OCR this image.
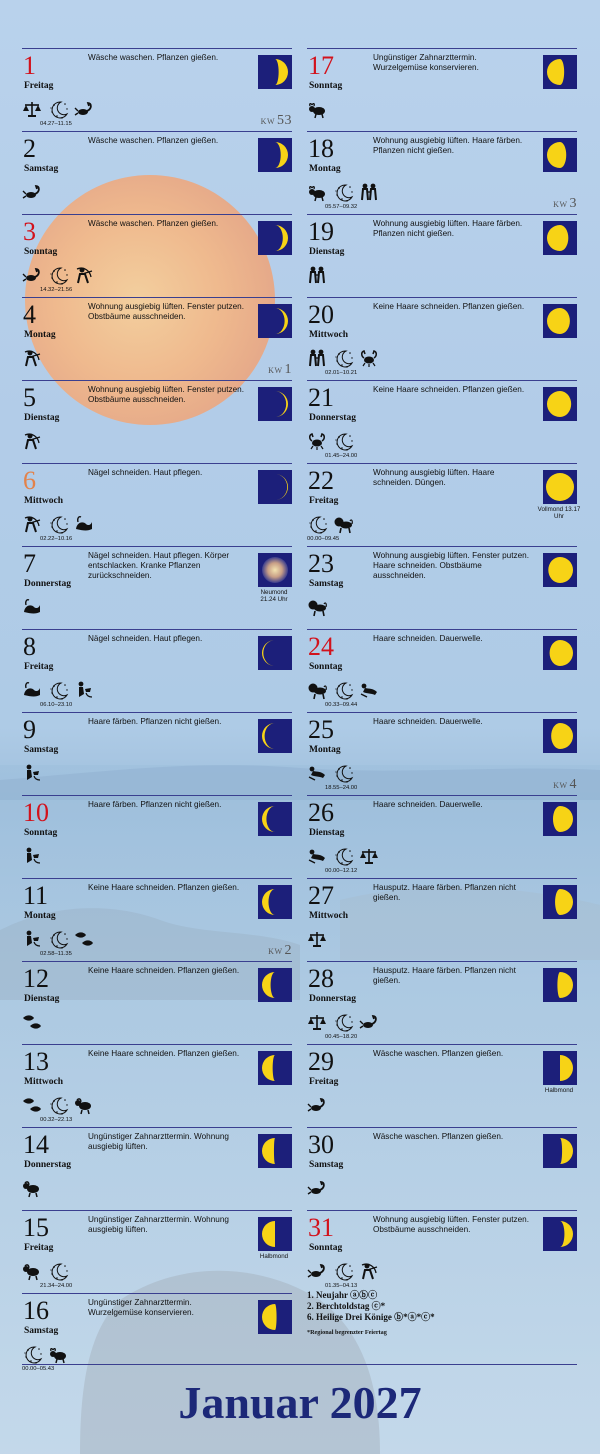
1
Freitag
Wäsche waschen. Pflanzen gießen.
04.27–11.15	KW 53
2
Samstag
Wäsche waschen. Pflanzen gießen.
3
Sonntag
Wäsche waschen. Pflanzen gießen.
14.32–21.56
4
Montag
Wohnung ausgiebig lüften. Fenster putzen. Obstbäume ausschneiden.
KW 1
5
Dienstag
Wohnung ausgiebig lüften. Fenster putzen. Obstbäume ausschneiden.
6
Mittwoch
Nägel schneiden. Haut pflegen.
02.22–10.16
7
Donnerstag
Nägel schneiden. Haut pflegen. Körper entschlacken. Kranke Pflanzen zurückschneiden.
Neumond 21.24 Uhr
8
Freitag
Nägel schneiden. Haut pflegen.
06.10–23.10
9
Samstag
Haare färben. Pflanzen nicht gießen.
10
Sonntag
Haare färben. Pflanzen nicht gießen.
11
Montag
Keine Haare schneiden. Pflanzen gießen.
02.58–11.35	KW 2
12
Dienstag
Keine Haare schneiden. Pflanzen gießen.
13
Mittwoch
Keine Haare schneiden. Pflanzen gießen.
00.32–22.13
14
Donnerstag
Ungünstiger Zahnarzttermin. Wohnung ausgiebig lüften.
15
Freitag
Ungünstiger Zahnarzttermin. Wohnung ausgiebig lüften.
Halbmond
21.34–24.00
16
Samstag
Ungünstiger Zahnarzttermin. Wurzelgemüse konservieren.
00.00–05.43
17
Sonntag
Ungünstiger Zahnarzttermin. Wurzelgemüse konservieren.
18
Montag
Wohnung ausgiebig lüften. Haare färben. Pflanzen nicht gießen.
05.57–09.32	KW 3
19
Dienstag
Wohnung ausgiebig lüften. Haare färben. Pflanzen nicht gießen.
20
Mittwoch
Keine Haare schneiden. Pflanzen gießen.
02.01–10.21
21
Donnerstag
Keine Haare schneiden. Pflanzen gießen.
01.45–24.00
22
Freitag
Wohnung ausgiebig lüften. Haare schneiden. Düngen.
Vollmond 13.17 Uhr
00.00–09.45
23
Samstag
Wohnung ausgiebig lüften. Fenster putzen. Haare schneiden. Obstbäume ausschneiden.
24
Sonntag
Haare schneiden. Dauerwelle.
00.33–09.44
25
Montag
Haare schneiden. Dauerwelle.
18.55–24.00	KW 4
26
Dienstag
Haare schneiden. Dauerwelle.
00.00–12.12
27
Mittwoch
Hausputz. Haare färben. Pflanzen nicht gießen.
28
Donnerstag
Hausputz. Haare färben. Pflanzen nicht gießen.
00.45–18.20
29
Freitag
Wäsche waschen. Pflanzen gießen.
Halbmond
30
Samstag
Wäsche waschen. Pflanzen gießen.
31
Sonntag
Wohnung ausgiebig lüften. Fenster putzen. Obstbäume ausschneiden.
01.35–04.13
1. Neujahr ⓐⓑⓒ
2. Berchtoldstag ⓒ*
6. Heilige Drei Könige ⓑ*ⓐ*ⓒ*
*Regional begrenzter Feiertag
Januar 2027
